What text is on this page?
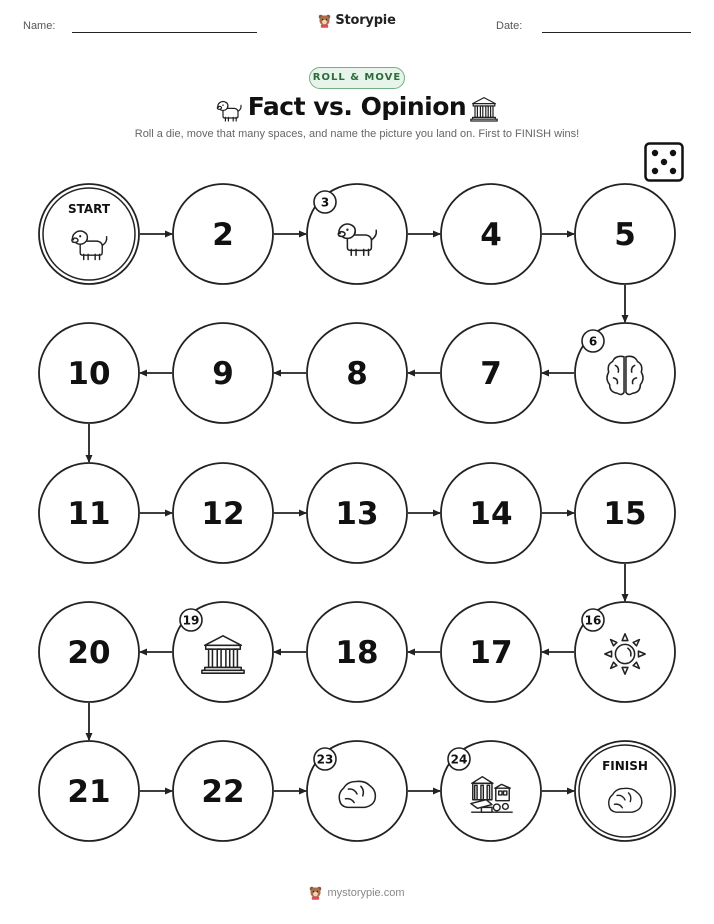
Name:	Storypie	Date:
ROLL & MOVE
Fact vs. Opinion
Roll a die, move that many spaces, and name the picture you land on. First to FINISH wins!
START
2
3
4	5
6
7
8
9
10
11	12	13	14	15
16
17
18
19
20
21	22
23	24	FINISH
mystorypie.com
